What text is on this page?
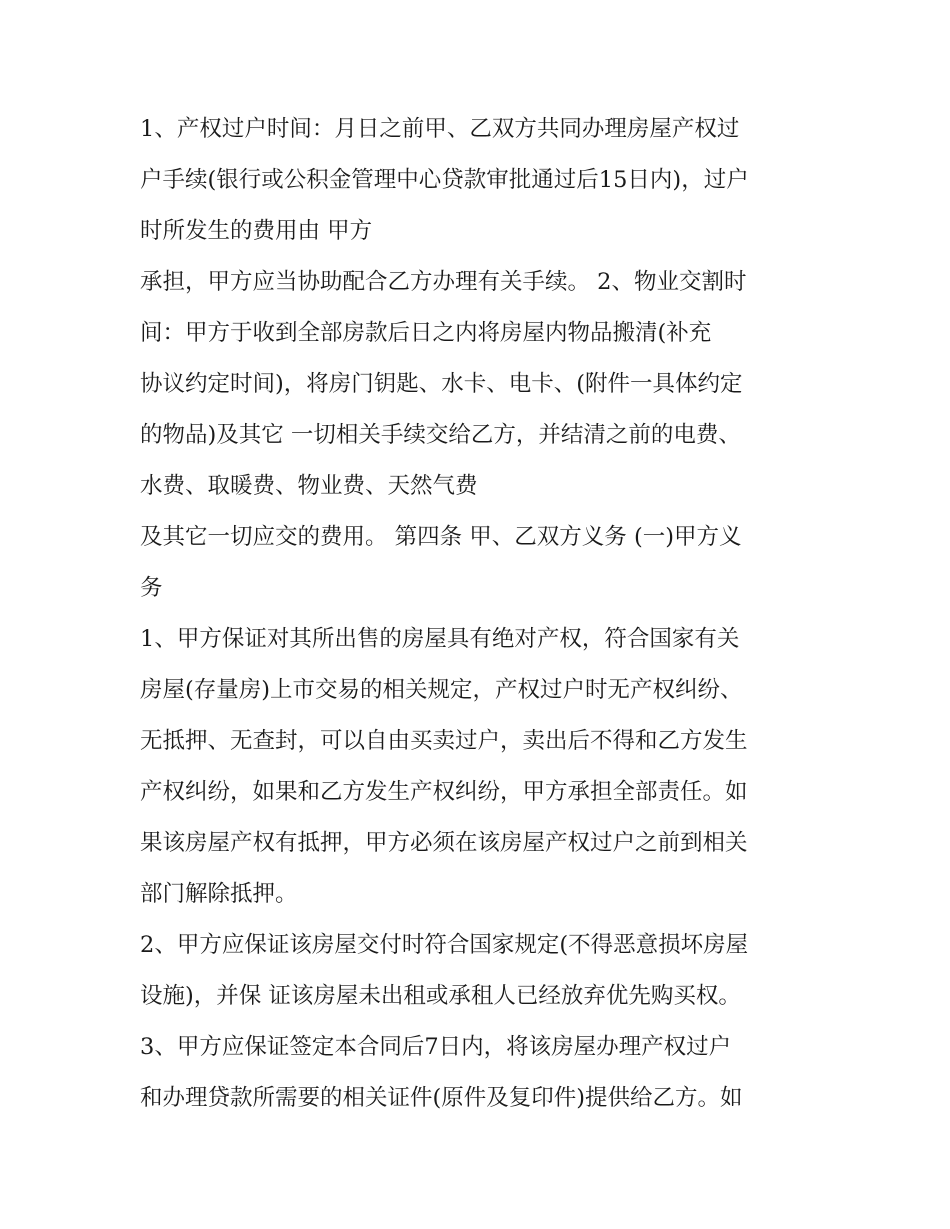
1、产权过户时间：月日之前甲、乙双方共同办理房屋产权过
户手续(银行或公积金管理中心贷款审批通过后15日内)，过户
时所发生的费用由 甲方
承担，甲方应当协助配合乙方办理有关手续。 2、物业交割时
间：甲方于收到全部房款后日之内将房屋内物品搬清(补充
协议约定时间)，将房门钥匙、水卡、电卡、(附件一具体约定
的物品)及其它 一切相关手续交给乙方，并结清之前的电费、
水费、取暖费、物业费、天然气费
及其它一切应交的费用。 第四条 甲、乙双方义务 (一)甲方义
务
1、甲方保证对其所出售的房屋具有绝对产权，符合国家有关
房屋(存量房)上市交易的相关规定，产权过户时无产权纠纷、
无抵押、无查封，可以自由买卖过户，卖出后不得和乙方发生
产权纠纷，如果和乙方发生产权纠纷，甲方承担全部责任。如
果该房屋产权有抵押，甲方必须在该房屋产权过户之前到相关
部门解除抵押。
2、甲方应保证该房屋交付时符合国家规定(不得恶意损坏房屋
设施)，并保 证该房屋未出租或承租人已经放弃优先购买权。
3、甲方应保证签定本合同后7日内，将该房屋办理产权过户
和办理贷款所需要的相关证件(原件及复印件)提供给乙方。如
